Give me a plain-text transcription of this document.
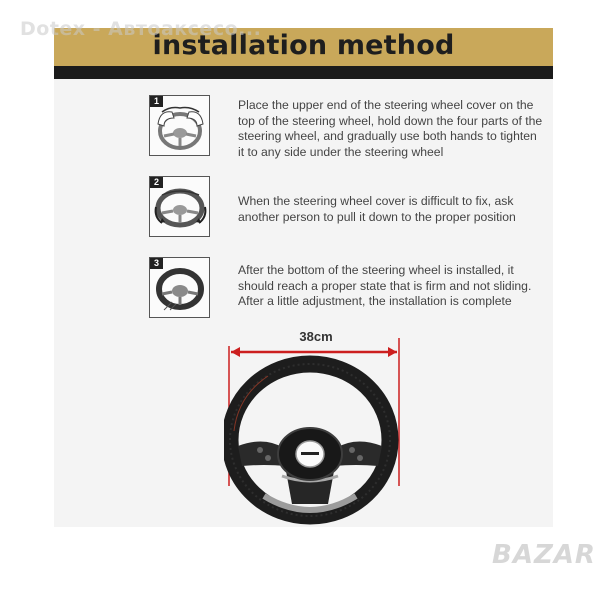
Dotex - Автоаксесо...
installation method
1	Place the upper end of the steering wheel cover on the top of the steering wheel, hold down the four parts of the steering wheel, and gradually use both hands to tighten it to any side under the steering wheel
2
When the steering wheel cover is difficult to fix, ask another person to pull it down to the proper position
3	After the bottom of the steering wheel is installed, it should reach a proper state that is firm and not sliding. After a little adjustment, the installation is complete
38cm
BAZAR
